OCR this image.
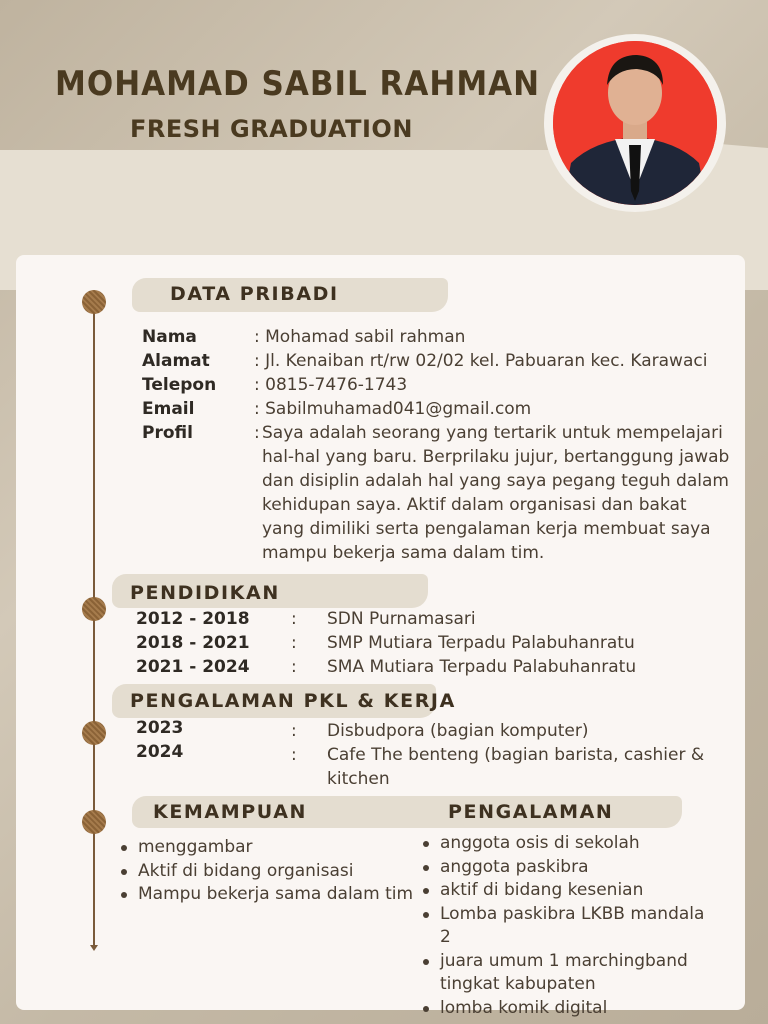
MOHAMAD SABIL RAHMAN
FRESH GRADUATION
DATA PRIBADI
Nama	: Mohamad sabil rahman
Alamat	: Jl. Kenaiban rt/rw 02/02 kel. Pabuaran kec. Karawaci
Telepon : 0815-7476-1743
Email	: Sabilmuhamad041@gmail.com
Profil	: Saya adalah seorang yang tertarik untuk mempelajari hal-hal yang baru. Berprilaku jujur, bertanggung jawab dan disiplin adalah hal yang saya pegang teguh dalam kehidupan saya. Aktif dalam organisasi dan bakat yang dimiliki serta pengalaman kerja membuat saya mampu bekerja sama dalam tim.
PENDIDIKAN
2012 - 2018 : SDN Purnamasari
2018 - 2021 : SMP Mutiara Terpadu Palabuhanratu
2021 - 2024 : SMA Mutiara Terpadu Palabuhanratu
PENGALAMAN PKL & KERJA
2023	: Disbudpora (bagian komputer)
2024	: Cafe The benteng (bagian barista, cashier & kitchen
KEMAMPUAN	PENGALAMAN
menggambar
Aktif di bidang organisasi
Mampu bekerja sama dalam tim
anggota osis di sekolah
anggota paskibra
aktif di bidang kesenian
Lomba paskibra LKBB mandala 2
juara umum 1 marchingband tingkat kabupaten
lomba komik digital
